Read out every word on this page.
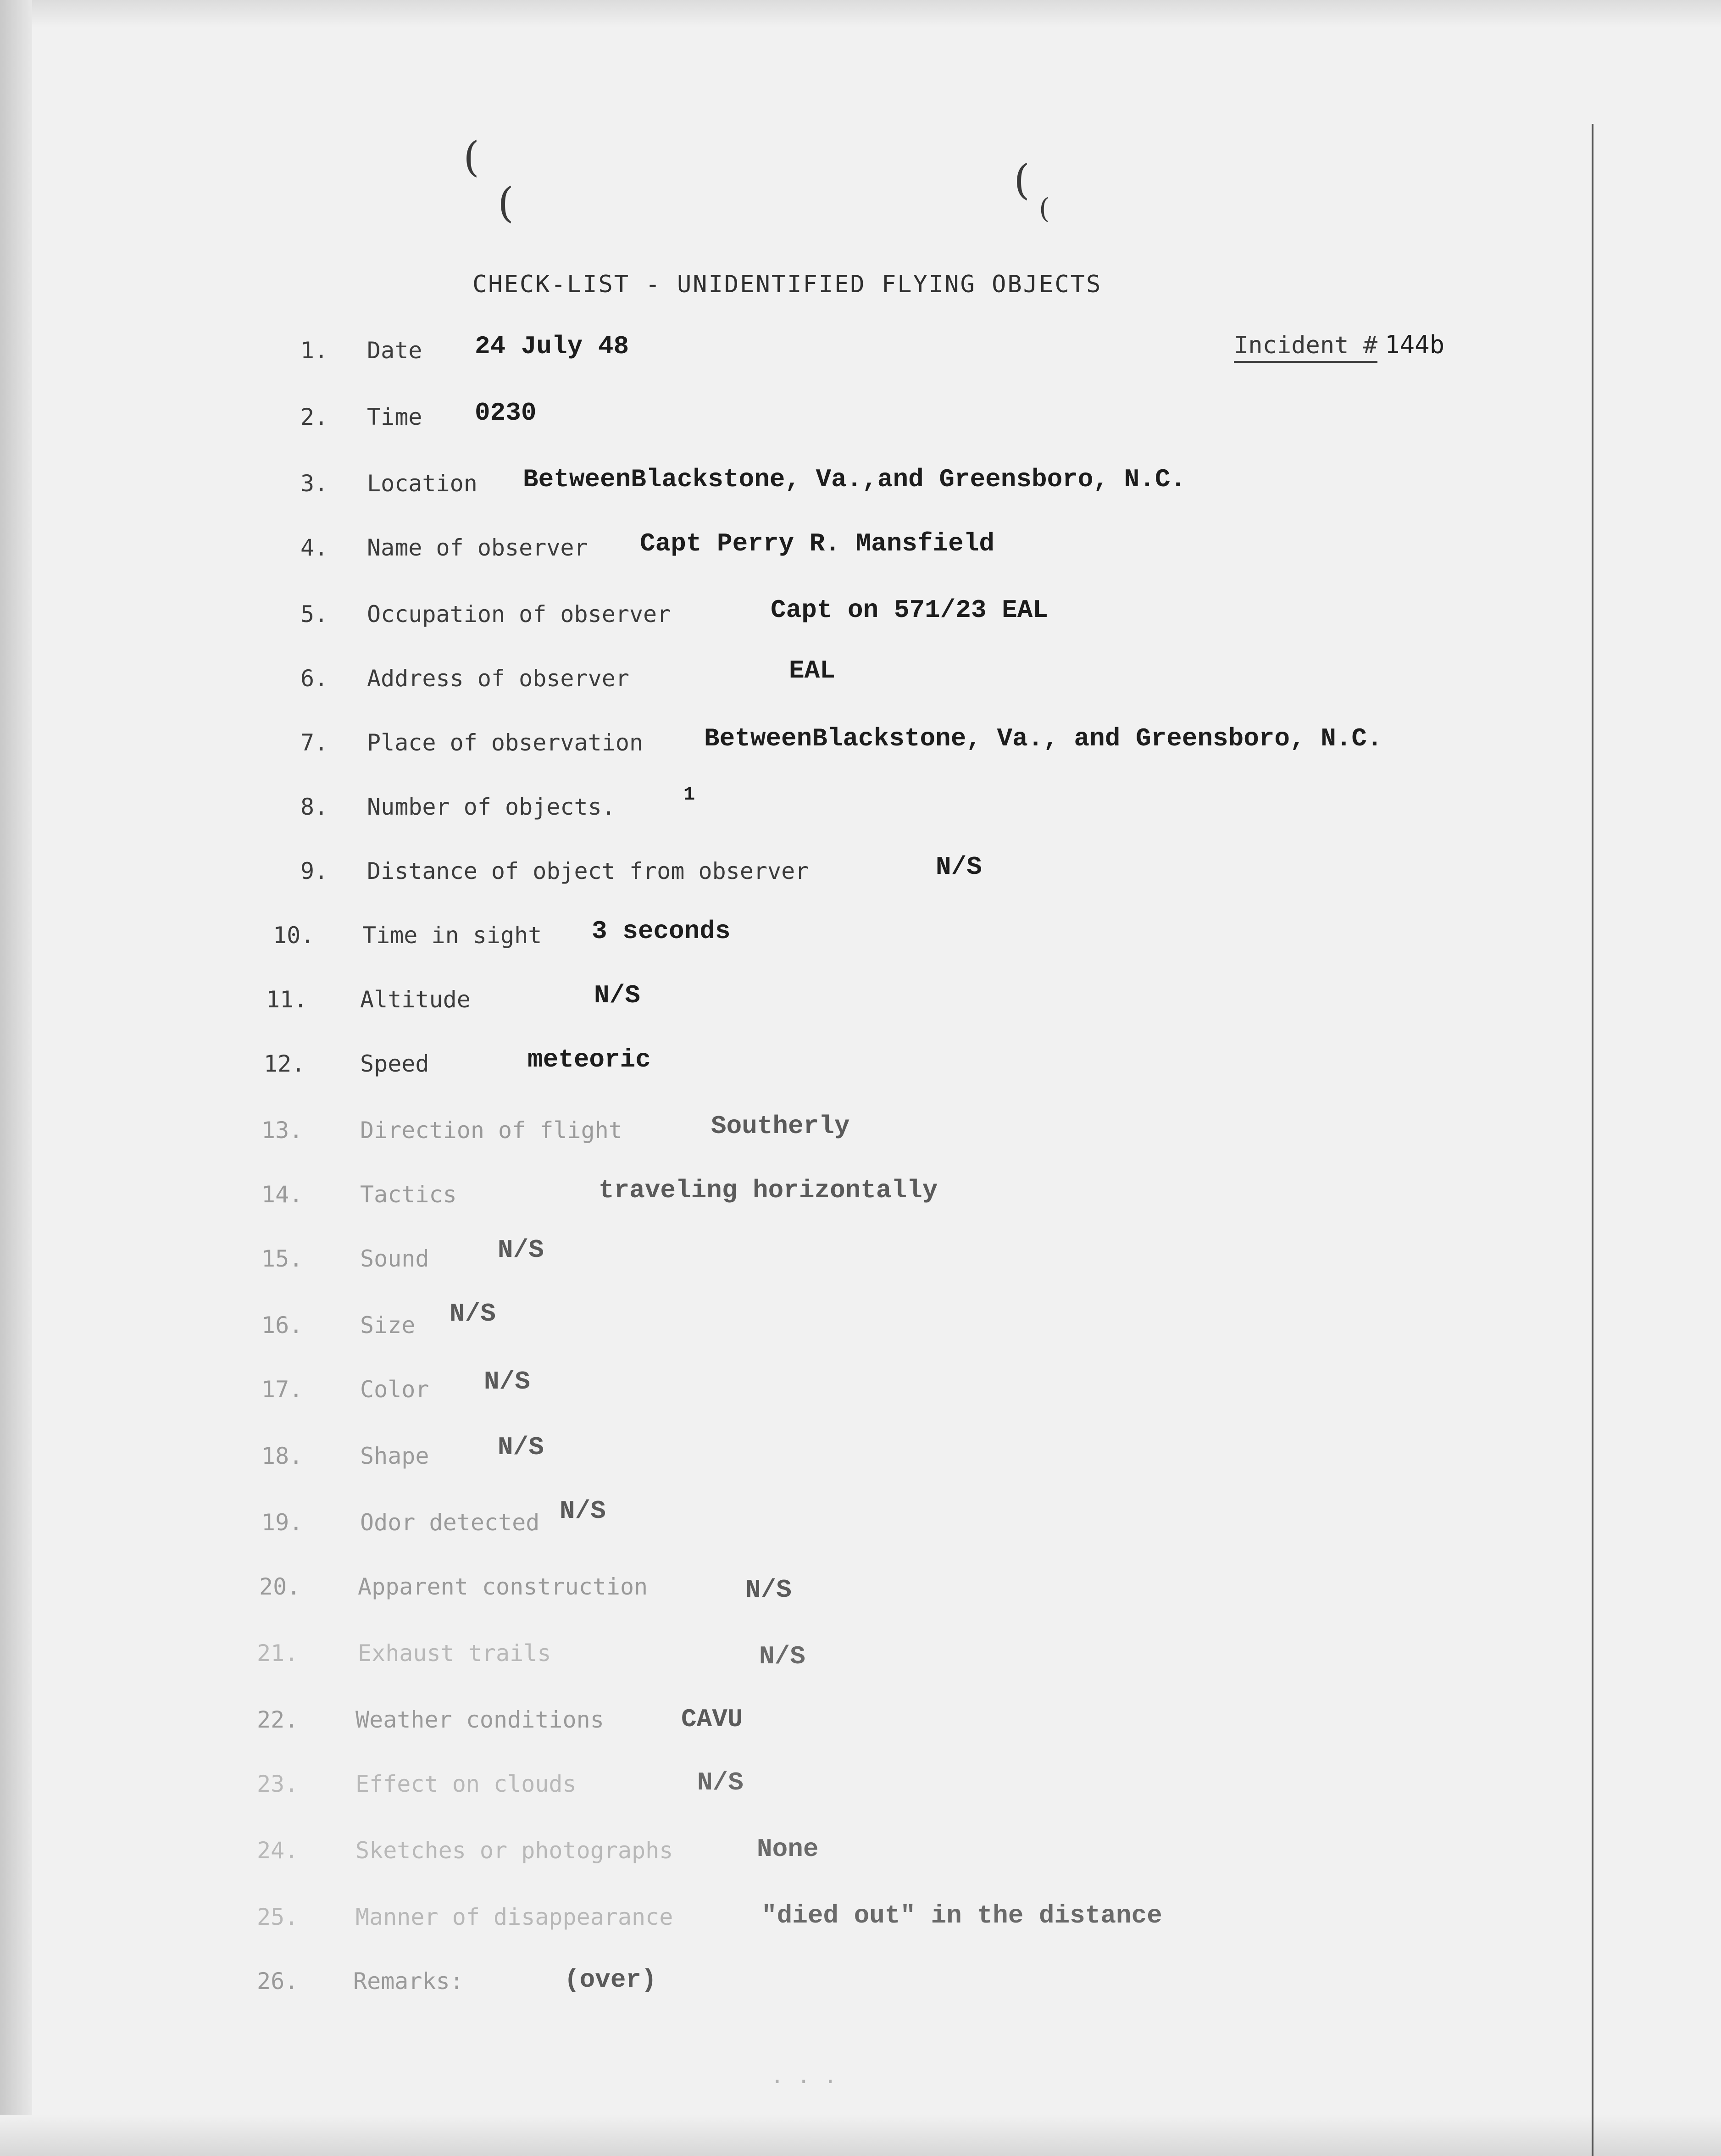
(
(	(
(
CHECK-LIST - UNIDENTIFIED FLYING OBJECTS
Incident # 144b
1. Date 24 July 48
2. Time 0230
3. Location BetweenBlackstone, Va.,and Greensboro, N.C.
4. Name of observer Capt Perry R. Mansfield
5. Occupation of observer	Capt on 571/23 EAL
6. Address of observer	EAL
7. Place of observation BetweenBlackstone, Va., and Greensboro, N.C.
8. Number of objects.	1
9. Distance of object from observer	N/S
10. Time in sight 3 seconds
11. Altitude	N/S
12. Speed	meteoric
13. Direction of flight	Southerly
14. Tactics	traveling horizontally
15. Sound	N/S
16. Size N/S
17. Color N/S
18. Shape	N/S
19. Odor detected N/S
20. Apparent construction	N/S
21.	Exhaust trails	N/S
22. Weather conditions	CAVU
23. Effect on clouds	N/S
24. Sketches or photographs	None
25. Manner of disappearance	"died out" in the distance
26. Remarks:	(over)
· · ·
